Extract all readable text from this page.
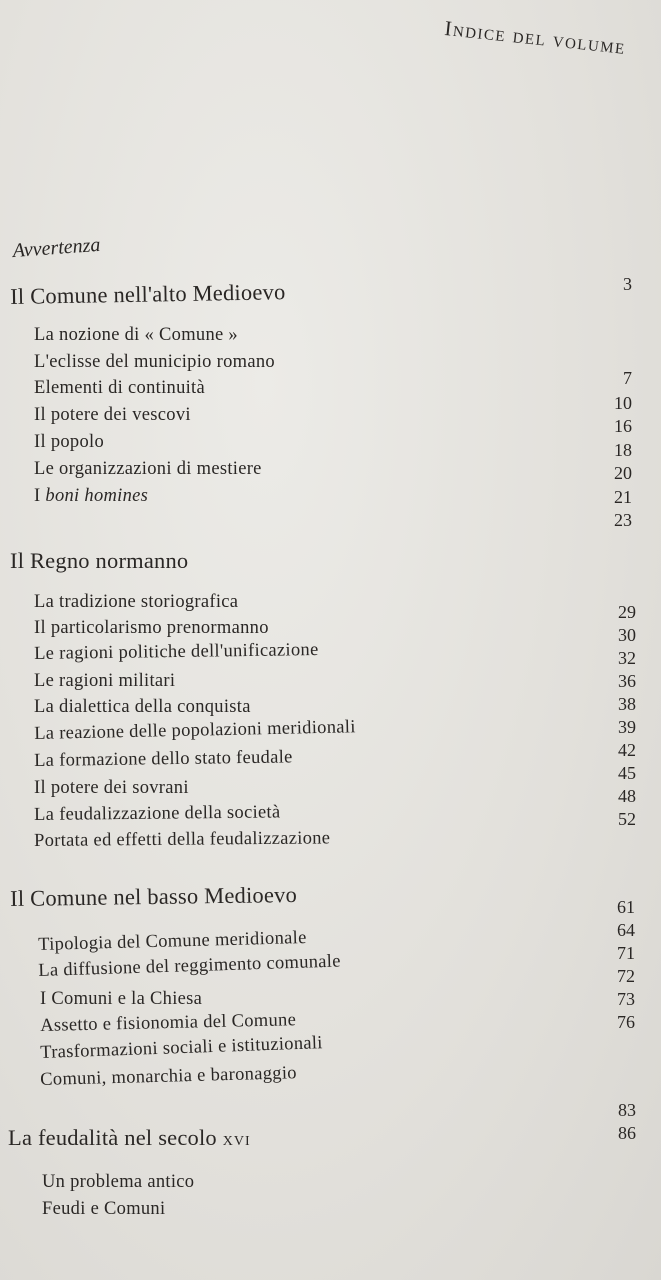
Indice del volume
Avvertenza
Il Comune nell'alto Medioevo
La nozione di « Comune »
L'eclisse del municipio romano
Elementi di continuità
Il potere dei vescovi
Il popolo
Le organizzazioni di mestiere
I boni homines
Il Regno normanno
La tradizione storiografica
Il particolarismo prenormanno
Le ragioni politiche dell'unificazione
Le ragioni militari
La dialettica della conquista
La reazione delle popolazioni meridionali
La formazione dello stato feudale
Il potere dei sovrani
La feudalizzazione della società
Portata ed effetti della feudalizzazione
Il Comune nel basso Medioevo
Tipologia del Comune meridionale
La diffusione del reggimento comunale
I Comuni e la Chiesa
Assetto e fisionomia del Comune
Trasformazioni sociali e istituzionali
Comuni, monarchia e baronaggio
La feudalità nel secolo xvi
Un problema antico
Feudi e Comuni
3
7
10
16
18
20
21
23
29
30
32
36
38
39
42
45
48
52
61
64
71
72
73
76
83
86
